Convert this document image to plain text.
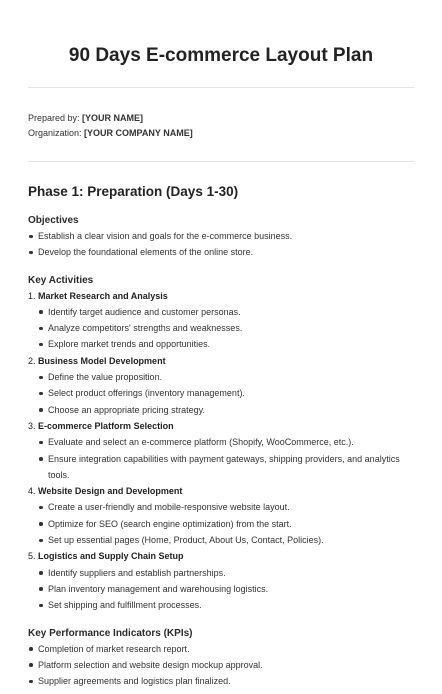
90 Days E-commerce Layout Plan
Prepared by: [YOUR NAME]
Organization: [YOUR COMPANY NAME]
Phase 1: Preparation (Days 1-30)
Objectives
Establish a clear vision and goals for the e-commerce business.
Develop the foundational elements of the online store.
Key Activities
1. Market Research and Analysis
Identify target audience and customer personas.
Analyze competitors' strengths and weaknesses.
Explore market trends and opportunities.
2. Business Model Development
Define the value proposition.
Select product offerings (inventory management).
Choose an appropriate pricing strategy.
3. E-commerce Platform Selection
Evaluate and select an e-commerce platform (Shopify, WooCommerce, etc.).
Ensure integration capabilities with payment gateways, shipping providers, and analytics tools.
4. Website Design and Development
Create a user-friendly and mobile-responsive website layout.
Optimize for SEO (search engine optimization) from the start.
Set up essential pages (Home, Product, About Us, Contact, Policies).
5. Logistics and Supply Chain Setup
Identify suppliers and establish partnerships.
Plan inventory management and warehousing logistics.
Set shipping and fulfillment processes.
Key Performance Indicators (KPIs)
Completion of market research report.
Platform selection and website design mockup approval.
Supplier agreements and logistics plan finalized.
